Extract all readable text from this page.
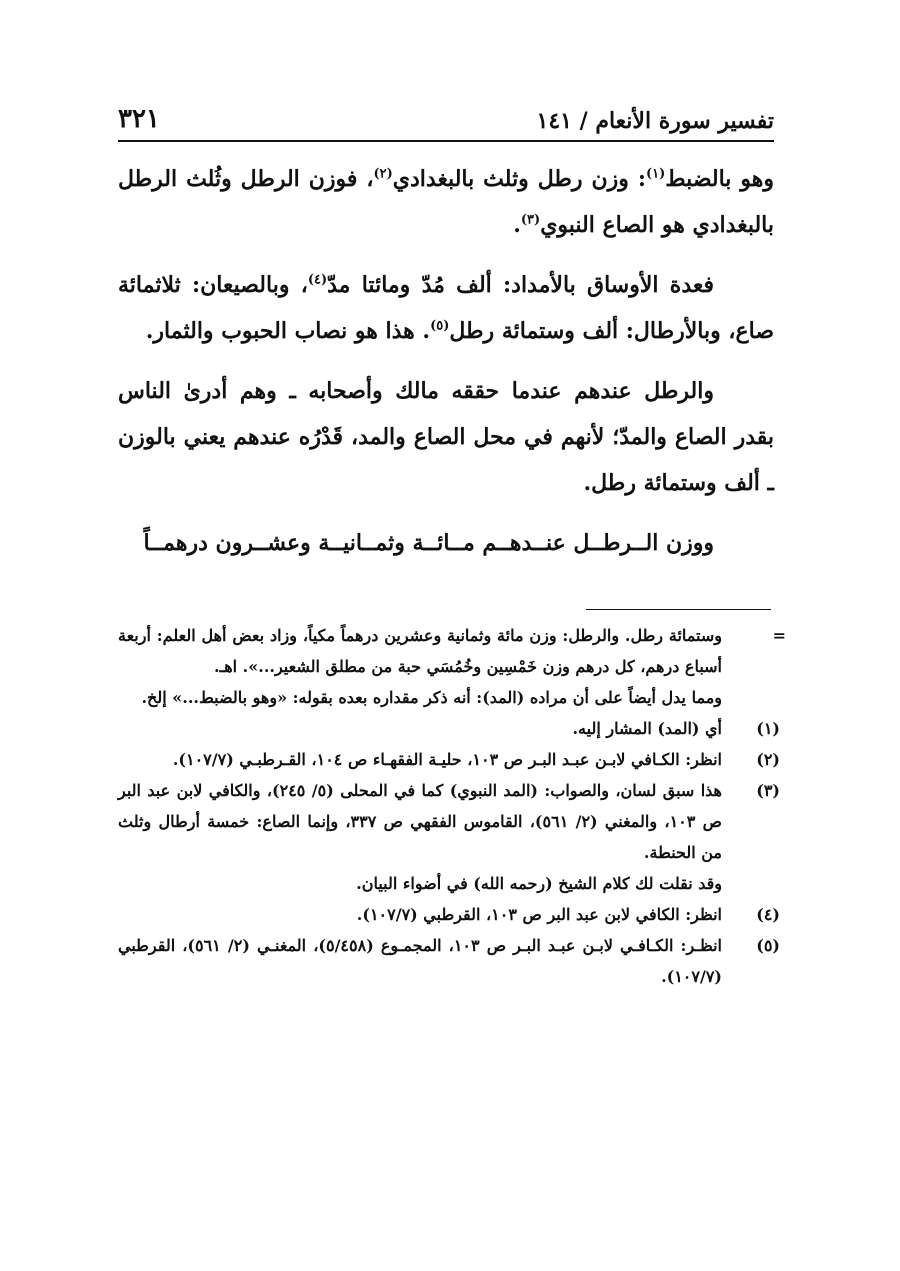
تفسير سورة الأنعام / ١٤١
٣٢١

وهو بالضبط$^{(١)}$: وزن رطل وثلث بالبغدادي$^{(٢)}$، فوزن الرطل وثُلث الرطل بالبغدادي هو الصاع النبوي$^{(٣)}$.

فعدة الأوساق بالأمداد: ألف مُدّ ومائتا مدّ$^{(٤)}$، وبالصيعان: ثلاثمائة صاع، وبالأرطال: ألف وستمائة رطل$^{(٥)}$. هذا هو نصاب الحبوب والثمار.

والرطل عندهم عندما حققه مالك وأصحابه ـ وهم أدرىٰ الناس بقدر الصاع والمدّ؛ لأنهم في محل الصاع والمد، قَدْرُه عندهم يعني بالوزن ـ ألف وستمائة رطل.

ووزن الــرطــل عنــدهــم مــائــة وثمــانيــة وعشــرون درهمــاً

=
وستمائة رطل. والرطل: وزن مائة وثمانية وعشرين درهماً مكياً، وزاد بعض أهل العلم: أربعة أسباع درهم، كل درهم وزن خَمْسِين وخُمُسَي حبة من مطلق الشعير...». اهـ.

ومما يدل أيضاً على أن مراده (المد): أنه ذكر مقداره بعده بقوله: «وهو بالضبط...» إلخ.

(١)
أي (المد) المشار إليه.

(٢)
انظر: الكـافي لابـن عبـد البـر ص ١٠٣، حليـة الفقهـاء ص ١٠٤، القـرطبـي (١٠٧/٧).

(٣)
هذا سبق لسان، والصواب: (المد النبوي) كما في المحلى (٥/ ٢٤٥)، والكافي لابن عبد البر ص ١٠٣، والمغني (٢/ ٥٦١)، القاموس الفقهي ص ٣٣٧، وإنما الصاع: خمسة أرطال وثلث من الحنطة.

وقد نقلت لك كلام الشيخ (رحمه الله) في أضواء البيان.

(٤)
انظر: الكافي لابن عبد البر ص ١٠٣، القرطبي (١٠٧/٧).

(٥)
انظـر: الكـافـي لابـن عبـد البـر ص ١٠٣، المجمـوع (٥/٤٥٨)، المغنـي (٢/ ٥٦١)، القرطبي (١٠٧/٧).
